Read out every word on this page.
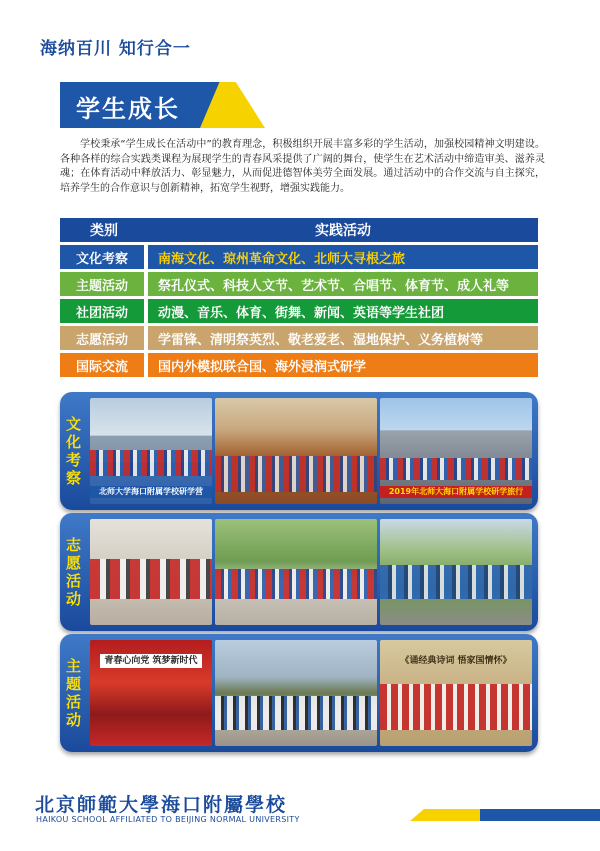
海纳百川 知行合一
学生成长

学校秉承“学生成长在活动中”的教育理念，积极组织开展丰富多彩的学生活动，加强校园精神文明建设。各种各样的综合实践类课程为展现学生的青春风采提供了广阔的舞台，使学生在艺术活动中缔造审美、滋养灵魂；在体育活动中释放活力、彰显魅力，从而促进德智体美劳全面发展。通过活动中的合作交流与自主探究，培养学生的合作意识与创新精神，拓宽学生视野，增强实践能力。

类别	实践活动
文化考察	南海文化、琼州革命文化、北师大寻根之旅
主题活动	祭孔仪式、科技人文节、艺术节、合唱节、体育节、成人礼等
社团活动	动漫、音乐、体育、街舞、新闻、英语等学生社团
志愿活动	学雷锋、清明祭英烈、敬老爱老、湿地保护、义务植树等
国际交流	国内外模拟联合国、海外浸润式研学
文化考察
北师大学海口附属学校研学营	2019年北师大海口附属学校研学旅行
志愿活动
主题活动
青春心向党 筑梦新时代	《诵经典诗词 悟家国情怀》
北京師範大學海口附屬學校
HAIKOU SCHOOL AFFILIATED TO BEIJING NORMAL UNIVERSITY
